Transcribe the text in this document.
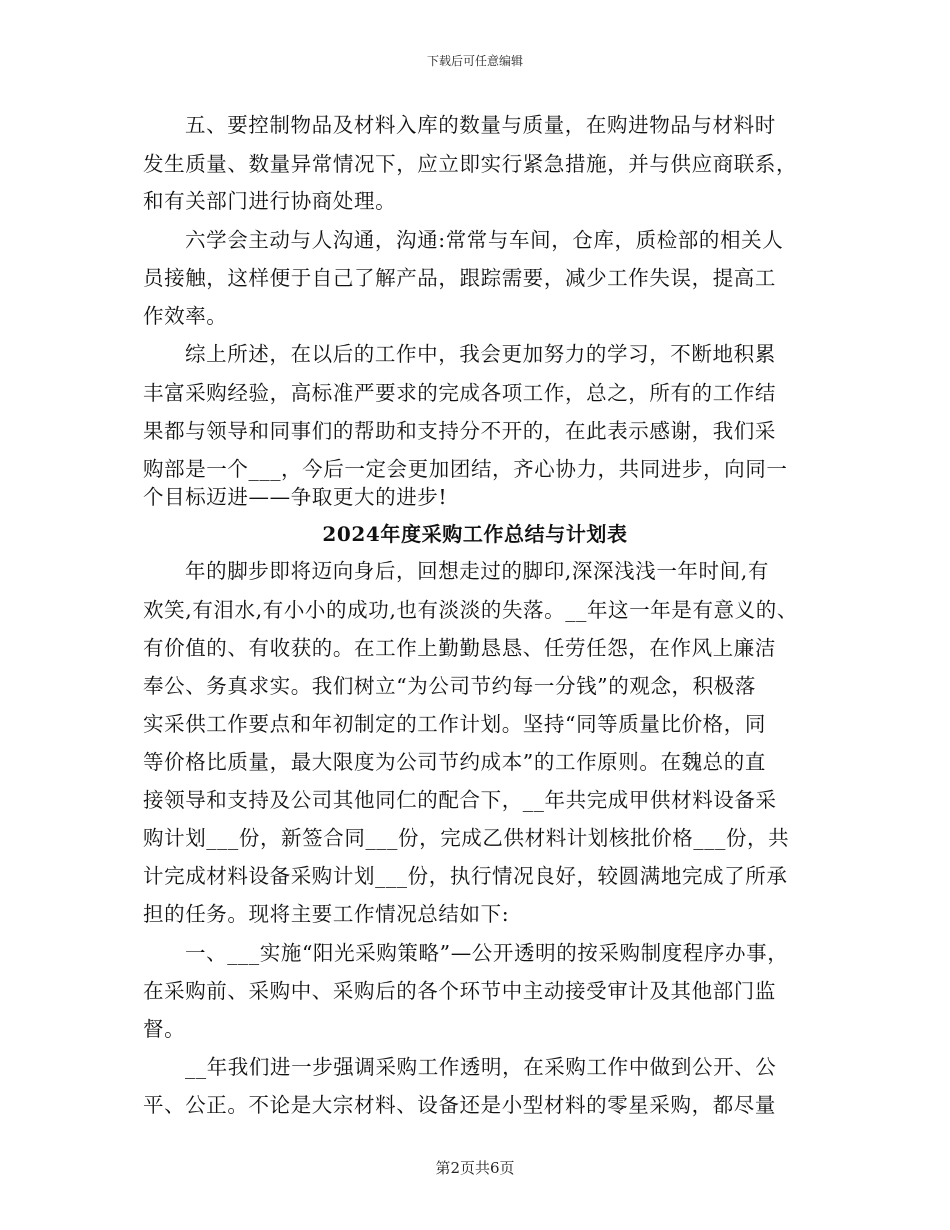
下载后可任意编辑
五、要控制物品及材料入库的数量与质量，在购进物品与材料时
发生质量、数量异常情况下，应立即实行紧急措施，并与供应商联系，
和有关部门进行协商处理。
六学会主动与人沟通，沟通:常常与车间，仓库，质检部的相关人
员接触，这样便于自己了解产品，跟踪需要，减少工作失误，提高工
作效率。
综上所述，在以后的工作中，我会更加努力的学习，不断地积累
丰富采购经验，高标准严要求的完成各项工作，总之，所有的工作结
果都与领导和同事们的帮助和支持分不开的，在此表示感谢，我们采
购部是一个___，今后一定会更加团结，齐心协力，共同进步，向同一
个目标迈进——争取更大的进步!
2024年度采购工作总结与计划表
年的脚步即将迈向身后，回想走过的脚印,深深浅浅一年时间,有
欢笑,有泪水,有小小的成功,也有淡淡的失落。__年这一年是有意义的、
有价值的、有收获的。在工作上勤勤恳恳、任劳任怨，在作风上廉洁
奉公、务真求实。我们树立“为公司节约每一分钱”的观念，积极落
实采供工作要点和年初制定的工作计划。坚持“同等质量比价格，同
等价格比质量，最大限度为公司节约成本”的工作原则。在魏总的直
接领导和支持及公司其他同仁的配合下，__年共完成甲供材料设备采
购计划___份，新签合同___份，完成乙供材料计划核批价格___份，共
计完成材料设备采购计划___份，执行情况良好，较圆满地完成了所承
担的任务。现将主要工作情况总结如下:
一、___实施“阳光采购策略”—公开透明的按采购制度程序办事，
在采购前、采购中、采购后的各个环节中主动接受审计及其他部门监
督。
__年我们进一步强调采购工作透明，在采购工作中做到公开、公
平、公正。不论是大宗材料、设备还是小型材料的零星采购，都尽量
第2页共6页
